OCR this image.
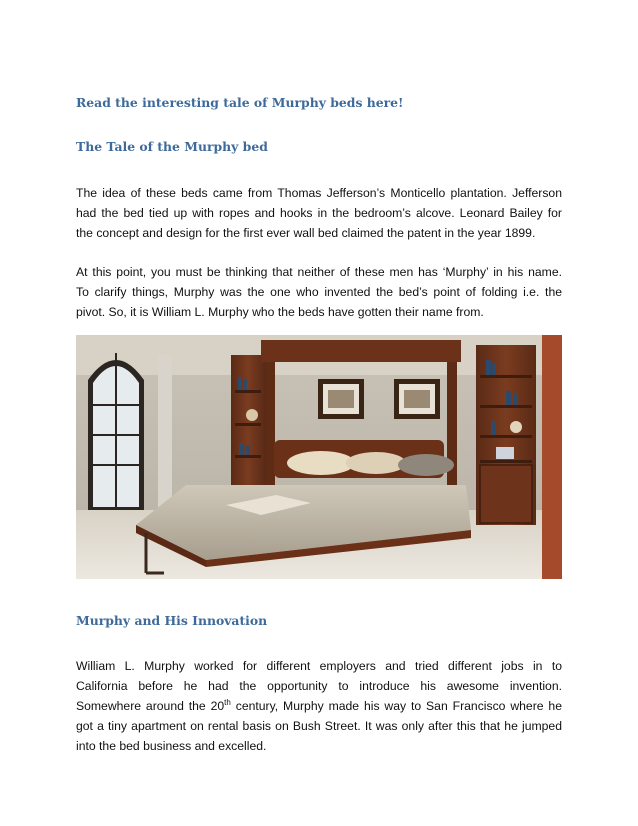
Read the interesting tale of Murphy beds here!
The Tale of the Murphy bed

The idea of these beds came from Thomas Jefferson’s Monticello plantation. Jefferson
had the bed tied up with ropes and hooks in the bedroom’s alcove. Leonard Bailey for
the concept and design for the first ever wall bed claimed the patent in the year 1899.

At this point, you must be thinking that neither of these men has ‘Murphy’ in his name.
To clarify things, Murphy was the one who invented the bed’s point of folding i.e. the
pivot. So, it is William L. Murphy who the beds have gotten their name from.

Murphy and His Innovation

William L. Murphy worked for different employers and tried different jobs in to
California before he had the opportunity to introduce his awesome invention.
Somewhere around the 20th century, Murphy made his way to San Francisco where he
got a tiny apartment on rental basis on Bush Street. It was only after this that he jumped
into the bed business and excelled.
